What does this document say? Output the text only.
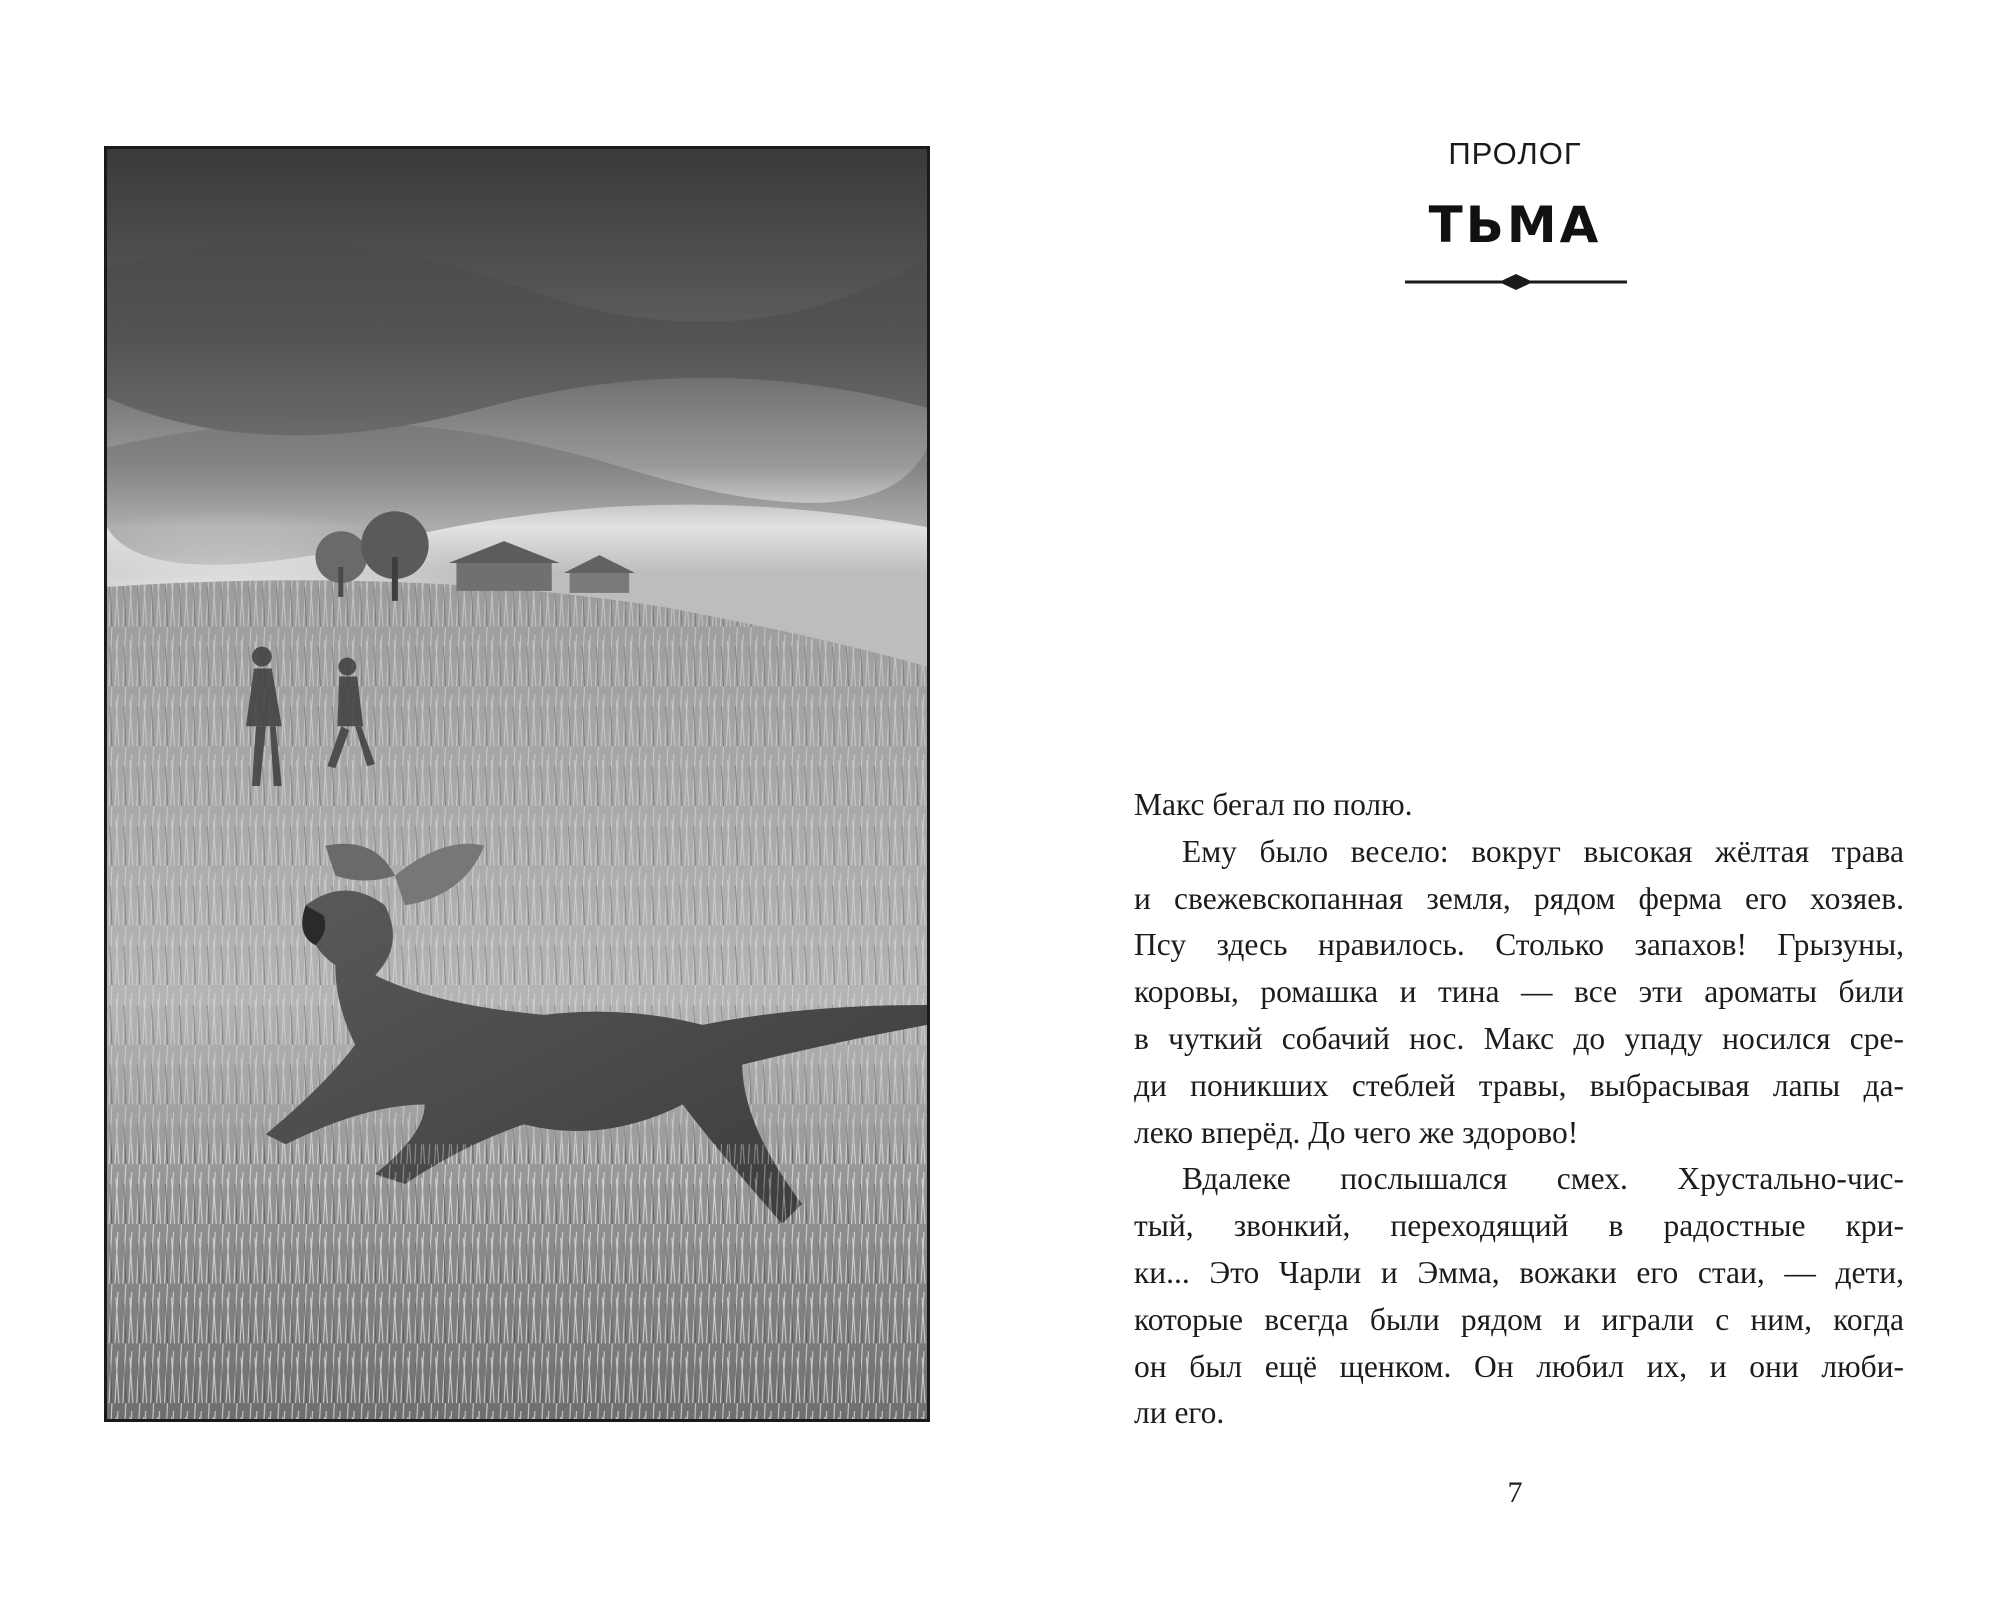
ПРОЛОГ
ТЬМА

Макс бегал по полю.

Ему было весело: вокруг высокая жёлтая трава
и свежевскопанная земля, рядом ферма его хозяев.
Псу здесь нравилось. Столько запахов! Грызуны,
коровы, ромашка и тина — все эти ароматы били
в чуткий собачий нос. Макс до упаду носился сре-
ди поникших стеблей травы, выбрасывая лапы да-
леко вперёд. До чего же здорово!

Вдалеке послышался смех. Хрустально-чис-
тый, звонкий, переходящий в радостные кри-
ки... Это Чарли и Эмма, вожаки его стаи, — дети,
которые всегда были рядом и играли с ним, когда
он был ещё щенком. Он любил их, и они люби-
ли его.

7
